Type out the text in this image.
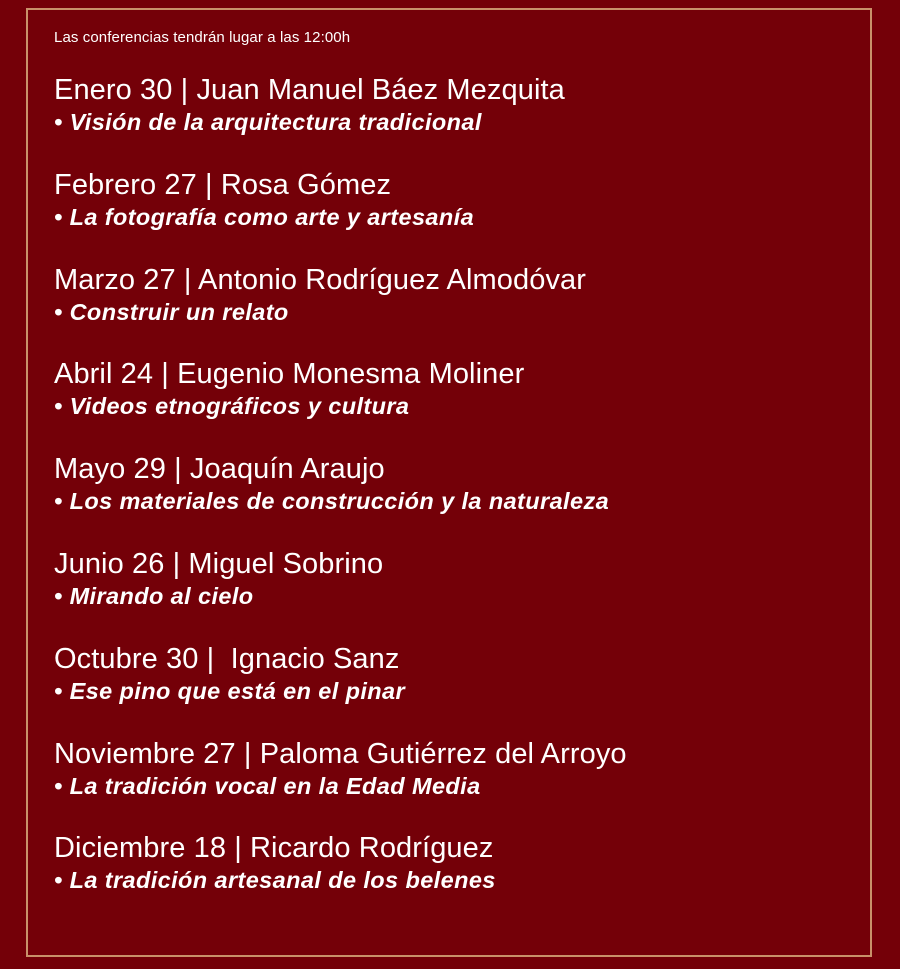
Las conferencias tendrán lugar a las 12:00h
Enero 30 | Juan Manuel Báez Mezquita
• Visión de la arquitectura tradicional
Febrero 27 | Rosa Gómez
• La fotografía como arte y artesanía
Marzo 27 | Antonio Rodríguez Almodóvar
• Construir un relato
Abril 24 | Eugenio Monesma Moliner
• Videos etnográficos y cultura
Mayo 29 | Joaquín Araujo
• Los materiales de construcción y la naturaleza
Junio 26 | Miguel Sobrino
• Mirando al cielo
Octubre 30 |  Ignacio Sanz
• Ese pino que está en el pinar
Noviembre 27 | Paloma Gutiérrez del Arroyo
• La tradición vocal en la Edad Media
Diciembre 18 | Ricardo Rodríguez
• La tradición artesanal de los belenes
